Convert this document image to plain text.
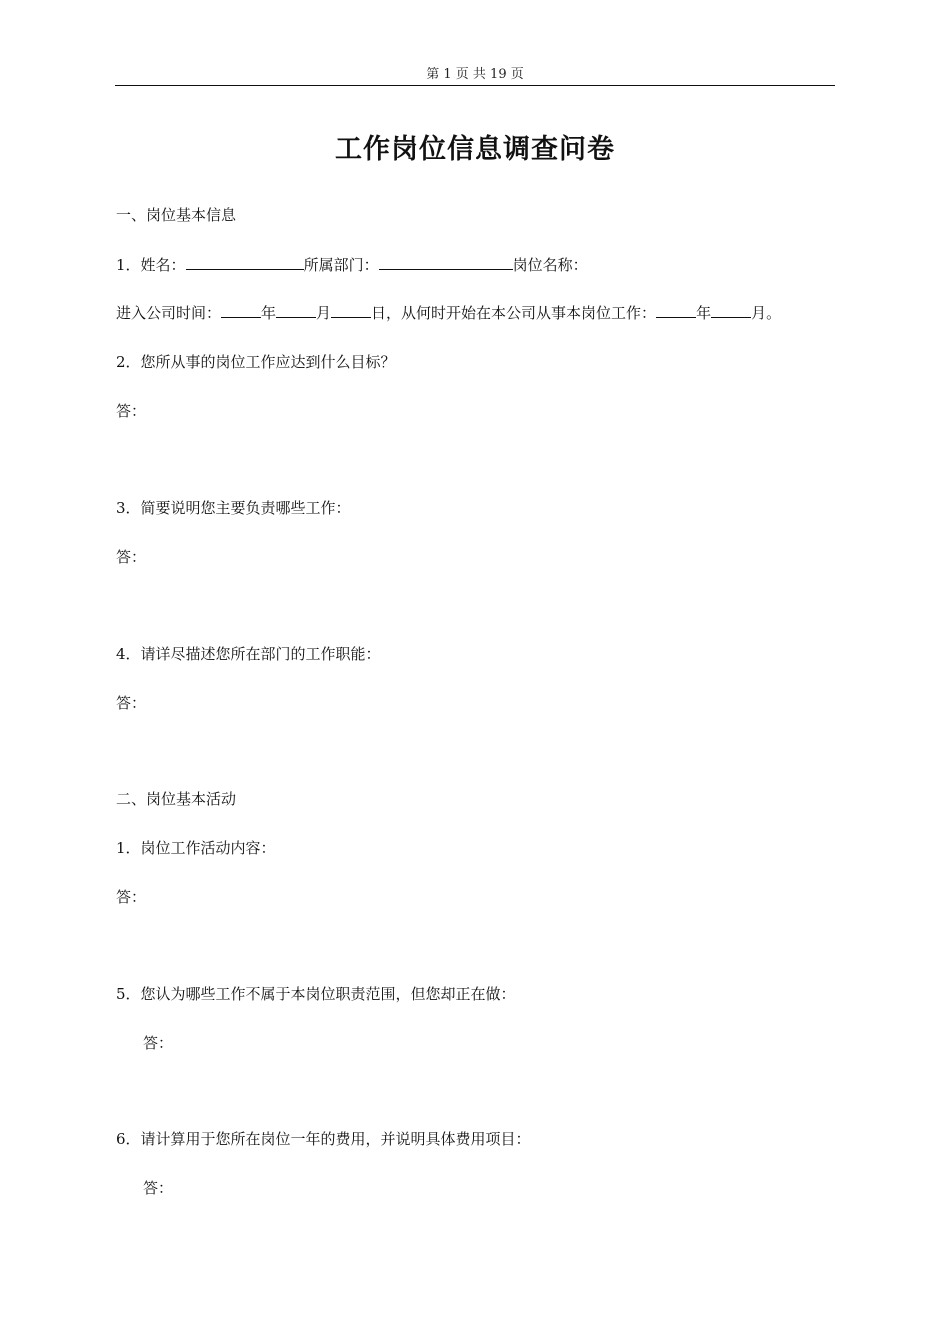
第 1 页 共 19 页
工作岗位信息调查问卷
一、岗位基本信息
1．姓名：	所属部门：	岗位名称：
进入公司时间：	年	月	日，从何时开始在本公司从事本岗位工作：	年	月。
2．您所从事的岗位工作应达到什么目标？
答：
3．简要说明您主要负责哪些工作：
答：
4．请详尽描述您所在部门的工作职能：
答：
二、岗位基本活动
1．岗位工作活动内容：
答：
5．您认为哪些工作不属于本岗位职责范围，但您却正在做：
答：
6．请计算用于您所在岗位一年的费用，并说明具体费用项目：
答：
